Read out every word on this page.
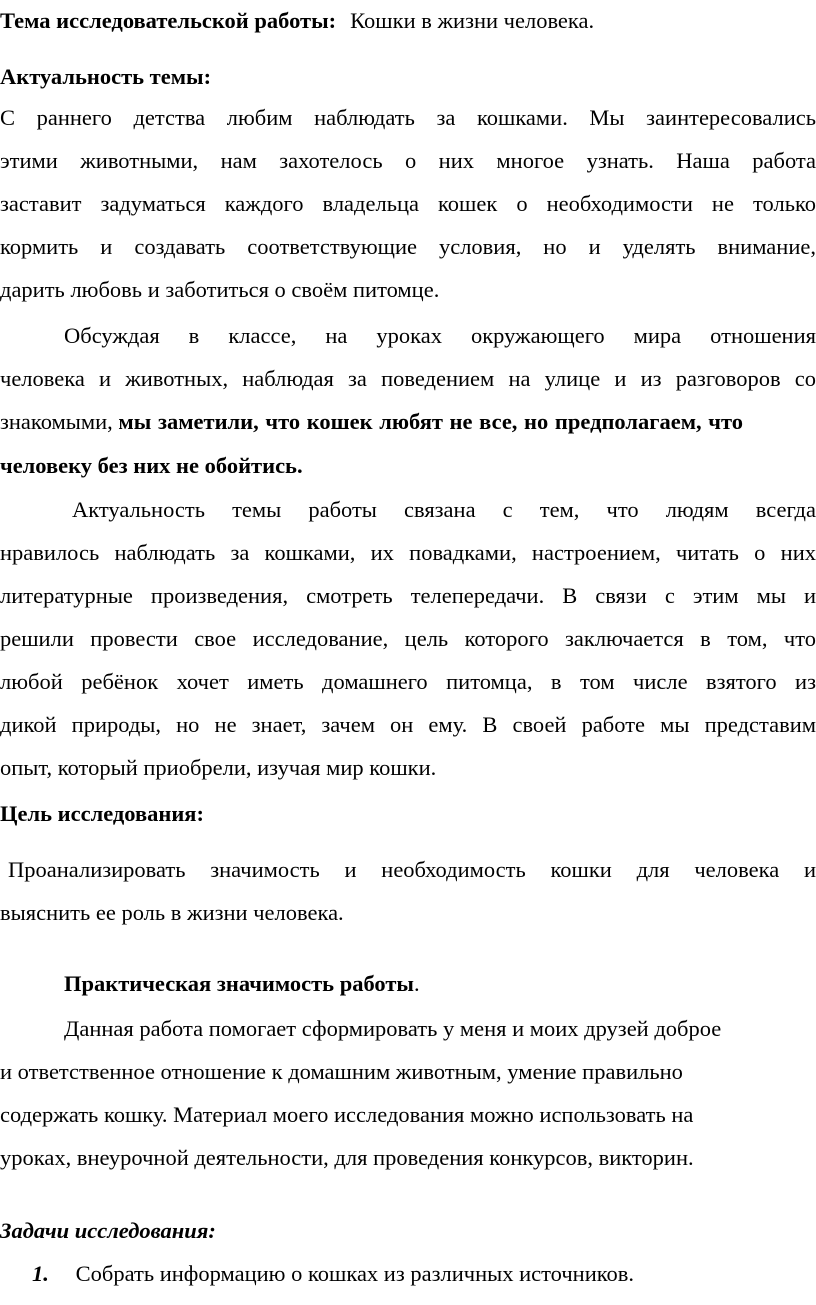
Тема исследовательской работы: Кошки в жизни человека.
Актуальность темы:
С раннего детства любим наблюдать за кошками. Мы заинтересовались
этими животными, нам захотелось о них многое узнать. Наша работа
заставит задуматься каждого владельца кошек о необходимости не только
кормить и создавать соответствующие условия, но и уделять внимание,
дарить любовь и заботиться о своём питомце.
Обсуждая в классе, на уроках окружающего мира отношения
человека и животных, наблюдая за поведением на улице и из разговоров со
знакомыми, мы заметили, что кошек любят не все, но предполагаем, что
человеку без них не обойтись.
Актуальность темы работы связана с тем, что людям всегда
нравилось наблюдать за кошками, их повадками, настроением, читать о них
литературные произведения, смотреть телепередачи. В связи с этим мы и
решили провести свое исследование, цель которого заключается в том, что
любой ребёнок хочет иметь домашнего питомца, в том числе взятого из
дикой природы, но не знает, зачем он ему. В своей работе мы представим
опыт, который приобрели, изучая мир кошки.
Цель исследования:
Проанализировать значимость и необходимость кошки для человека и
выяснить ее роль в жизни человека.
Практическая значимость работы.
Данная работа помогает сформировать у меня и моих друзей доброе
и ответственное отношение к домашним животным, умение правильно
содержать кошку. Материал моего исследования можно использовать на
уроках, внеурочной деятельности, для проведения конкурсов, викторин.
Задачи исследования:
1. Собрать информацию о кошках из различных источников.
